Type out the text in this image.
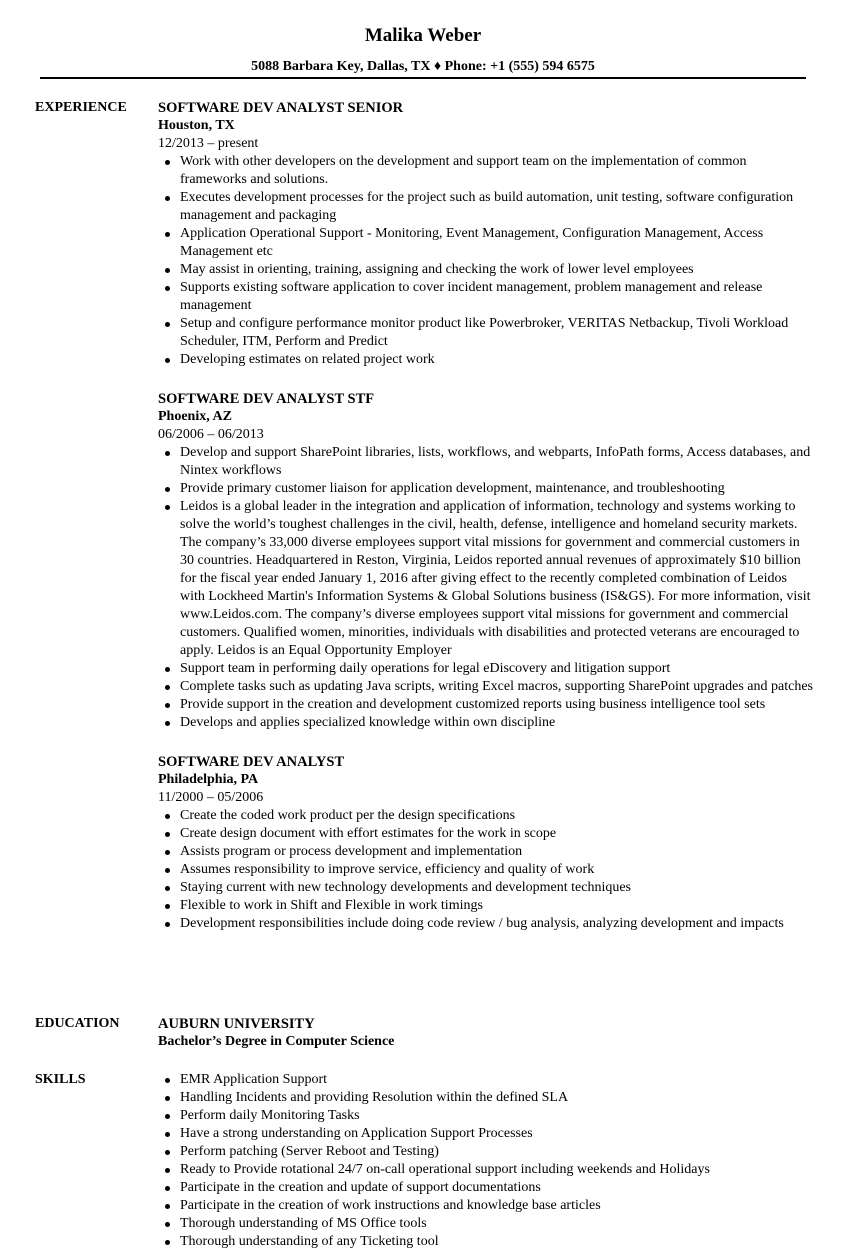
Malika Weber
5088 Barbara Key, Dallas, TX ♦ Phone: +1 (555) 594 6575
EXPERIENCE SOFTWARE DEV ANALYST SENIOR
Houston, TX
12/2013 – present
Work with other developers on the development and support team on the implementation of common frameworks and solutions.
Executes development processes for the project such as build automation, unit testing, software configuration management and packaging
Application Operational Support - Monitoring, Event Management, Configuration Management, Access Management etc
May assist in orienting, training, assigning and checking the work of lower level employees
Supports existing software application to cover incident management, problem management and release management
Setup and configure performance monitor product like Powerbroker, VERITAS Netbackup, Tivoli Workload Scheduler, ITM, Perform and Predict
Developing estimates on related project work
SOFTWARE DEV ANALYST STF
Phoenix, AZ
06/2006 – 06/2013
Develop and support SharePoint libraries, lists, workflows, and webparts, InfoPath forms, Access databases, and Nintex workflows
Provide primary customer liaison for application development, maintenance, and troubleshooting
Leidos is a global leader in the integration and application of information, technology and systems working to solve the world’s toughest challenges in the civil, health, defense, intelligence and homeland security markets. The company’s 33,000 diverse employees support vital missions for government and commercial customers in 30 countries. Headquartered in Reston, Virginia, Leidos reported annual revenues of approximately $10 billion for the fiscal year ended January 1, 2016 after giving effect to the recently completed combination of Leidos with Lockheed Martin's Information Systems & Global Solutions business (IS&GS). For more information, visit www.Leidos.com. The company’s diverse employees support vital missions for government and commercial customers. Qualified women, minorities, individuals with disabilities and protected veterans are encouraged to apply. Leidos is an Equal Opportunity Employer
Support team in performing daily operations for legal eDiscovery and litigation support
Complete tasks such as updating Java scripts, writing Excel macros, supporting SharePoint upgrades and patches
Provide support in the creation and development customized reports using business intelligence tool sets
Develops and applies specialized knowledge within own discipline
SOFTWARE DEV ANALYST
Philadelphia, PA
11/2000 – 05/2006
Create the coded work product per the design specifications
Create design document with effort estimates for the work in scope
Assists program or process development and implementation
Assumes responsibility to improve service, efficiency and quality of work
Staying current with new technology developments and development techniques
Flexible to work in Shift and Flexible in work timings
Development responsibilities include doing code review / bug analysis, analyzing development and impacts
EDUCATION	AUBURN UNIVERSITY
Bachelor’s Degree in Computer Science
SKILLS	EMR Application Support
Handling Incidents and providing Resolution within the defined SLA
Perform daily Monitoring Tasks
Have a strong understanding on Application Support Processes
Perform patching (Server Reboot and Testing)
Ready to Provide rotational 24/7 on-call operational support including weekends and Holidays
Participate in the creation and update of support documentations
Participate in the creation of work instructions and knowledge base articles
Thorough understanding of MS Office tools
Thorough understanding of any Ticketing tool
